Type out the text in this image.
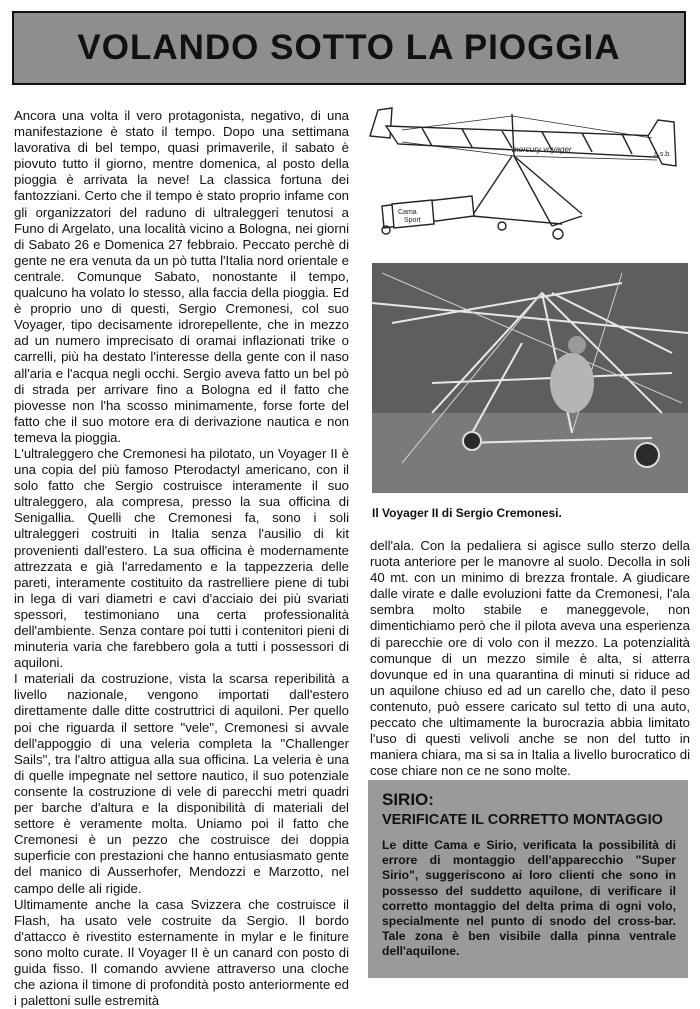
VOLANDO SOTTO LA PIOGGIA

Ancora una volta il vero protagonista, negativo, di una manifestazione è stato il tempo. Dopo una settimana lavorativa di bel tempo, quasi primaverile, il sabato è piovuto tutto il giorno, mentre domenica, al posto della pioggia è arrivata la neve! La classica fortuna dei fantozziani. Certo che il tempo è stato proprio infame con gli organizzatori del raduno di ultraleggeri tenutosi a Funo di Argelato, una località vicino a Bologna, nei giorni di Sabato 26 e Domenica 27 febbraio. Peccato perchè di gente ne era venuta da un pò tutta l'Italia nord orientale e centrale. Comunque Sabato, nonostante il tempo, qualcuno ha volato lo stesso, alla faccia della pioggia. Ed è proprio uno di questi, Sergio Cremonesi, col suo Voyager, tipo decisamente idrorepellente, che in mezzo ad un numero imprecisato di oramai inflazionati trike o carrelli, più ha destato l'interesse della gente con il naso all'aria e l'acqua negli occhi. Sergio aveva fatto un bel pò di strada per arrivare fino a Bologna ed il fatto che piovesse non l'ha scosso minimamente, forse forte del fatto che il suo motore era di derivazione nautica e non temeva la pioggia.

L'ultraleggero che Cremonesi ha pilotato, un Voyager II è una copia del più famoso Pterodactyl americano, con il solo fatto che Sergio costruisce interamente il suo ultraleggero, ala compresa, presso la sua officina di Senigallia. Quelli che Cremonesi fa, sono i soli ultraleggeri costruiti in Italia senza l'ausilio di kit provenienti dall'estero. La sua officina è modernamente attrezzata e già l'arredamento e la tappezzeria delle pareti, interamente costituito da rastrelliere piene di tubi in lega di vari diametri e cavi d'acciaio dei più svariati spessori, testimoniano una certa professionalità dell'ambiente. Senza contare poi tutti i contenitori pieni di minuteria varia che farebbero gola a tutti i possessori di aquiloni.

I materiali da costruzione, vista la scarsa reperibilità a livello nazionale, vengono importati dall'estero direttamente dalle ditte costruttrici di aquiloni. Per quello poi che riguarda il settore "vele", Cremonesi si avvale dell'appoggio di una veleria completa la "Challenger Sails", tra l'altro attigua alla sua officina. La veleria è una di quelle impegnate nel settore nautico, il suo potenziale consente la costruzione di vele di parecchi metri quadri per barche d'altura e la disponibilità di materiali del settore è veramente molta. Uniamo poi il fatto che Cremonesi è un pezzo che costruisce dei doppia superficie con prestazioni che hanno entusiasmato gente del manico di Ausserhofer, Mendozzi e Marzotto, nel campo delle ali rigide.

Ultimamente anche la casa Svizzera che costruisce il Flash, ha usato vele costruite da Sergio. Il bordo d'attacco è rivestito esternamente in mylar e le finiture sono molto curate. Il Voyager II è un canard con posto di guida fisso. Il comando avviene attraverso una cloche che aziona il timone di profondità posto anteriormente ed i palettoni sulle estremità

mercury voyager
a.s.b.
Cama
Sport
Il Voyager II di Sergio Cremonesi.

dell'ala. Con la pedaliera si agisce sullo sterzo della ruota anteriore per le manovre al suolo. Decolla in soli 40 mt. con un minimo di brezza frontale. A giudicare dalle virate e dalle evoluzioni fatte da Cremonesi, l'ala sembra molto stabile e maneggevole, non dimentichiamo però che il pilota aveva una esperienza di parecchie ore di volo con il mezzo. La potenzialità comunque di un mezzo simile è alta, si atterra dovunque ed in una quarantina di minuti si riduce ad un aquilone chiuso ed ad un carello che, dato il peso contenuto, può essere caricato sul tetto di una auto, peccato che ultimamente la burocrazia abbia limitato l'uso di questi velivoli anche se non del tutto in maniera chiara, ma si sa in Italia a livello burocratico di cose chiare non ce ne sono molte.

SIRIO:
VERIFICATE IL CORRETTO MONTAGGIO
Le ditte Cama e Sirio, verificata la possibilità di errore di montaggio dell'apparecchio "Super Sirio", suggeriscono ai loro clienti che sono in possesso del suddetto aquilone, di verificare il corretto montaggio del delta prima di ogni volo, specialmente nel punto di snodo del cross-bar. Tale zona è ben visibile dalla pinna ventrale dell'aquilone.
